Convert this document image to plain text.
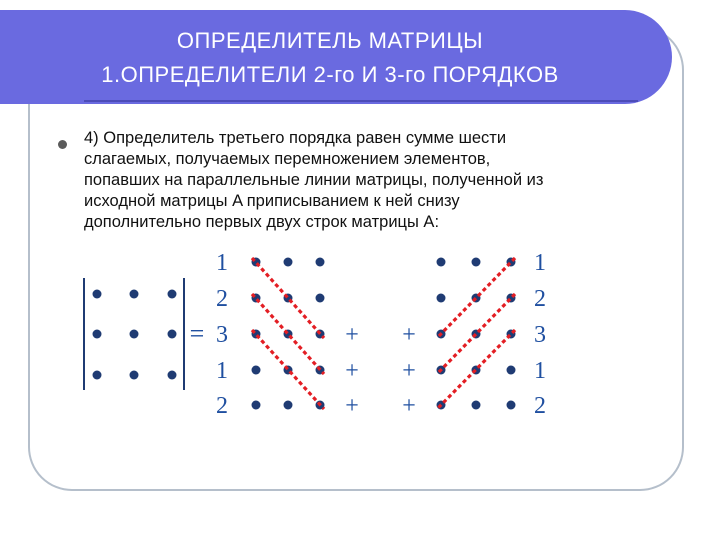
ОПРЕДЕЛИТЕЛЬ МАТРИЦЫ
1.ОПРЕДЕЛИТЕЛИ 2-го И 3-го ПОРЯДКОВ
4) Определитель третьего порядка равен сумме шести
слагаемых, получаемых перемножением элементов,
попавших на параллельные линии матрицы, полученной из
исходной матрицы A приписыванием к ней снизу
дополнительно первых двух строк матрицы A:
=
1
2
3
1
2
+
+
+
+
+
+
1
2
3
1
2
